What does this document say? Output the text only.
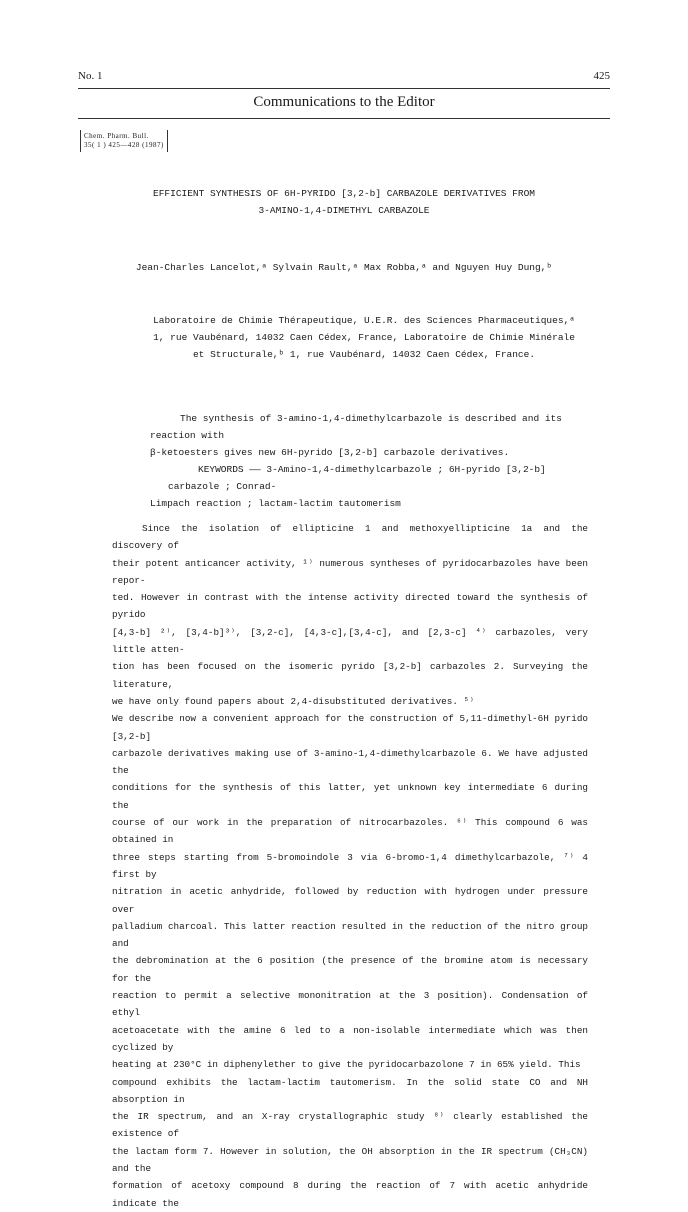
No. 1	425
Communications to the Editor
Chem. Pharm. Bull.
35( 1 ) 425—428 (1987)
EFFICIENT SYNTHESIS OF 6H-PYRIDO [3,2-b] CARBAZOLE DERIVATIVES FROM
3-AMINO-1,4-DIMETHYL CARBAZOLE
Jean-Charles Lancelot,ᵃ Sylvain Rault,ᵃ Max Robba,ᵃ and Nguyen Huy Dung,ᵇ
Laboratoire de Chimie Thérapeutique, U.E.R. des Sciences Pharmaceutiques,ᵃ
1, rue Vaubénard, 14032 Caen Cédex, France, Laboratoire de Chimie Minérale
et Structurale,ᵇ 1, rue Vaubénard, 14032 Caen Cédex, France.

The synthesis of 3-amino-1,4-dimethylcarbazole is described and its reaction with

β-ketoesters gives new 6H-pyrido [3,2-b] carbazole derivatives.

KEYWORDS —— 3-Amino-1,4-dimethylcarbazole ; 6H-pyrido [3,2-b] carbazole ; Conrad-

Limpach reaction ; lactam-lactim tautomerism

Since the isolation of ellipticine 1 and methoxyellipticine 1a and the discovery of

their potent anticancer activity, ¹⁾ numerous syntheses of pyridocarbazoles have been repor-

ted. However in contrast with the intense activity directed toward the synthesis of pyrido

[4,3-b] ²⁾, [3,4-b]³⁾, [3,2-c], [4,3-c],[3,4-c], and [2,3-c] ⁴⁾ carbazoles, very little atten-

tion has been focused on the isomeric pyrido [3,2-b] carbazoles 2. Surveying the literature,

we have only found papers about 2,4-disubstituted derivatives. ⁵⁾

We describe now a convenient approach for the construction of 5,11-dimethyl-6H pyrido [3,2-b]

carbazole derivatives making use of 3-amino-1,4-dimethylcarbazole 6. We have adjusted the

conditions for the synthesis of this latter, yet unknown key intermediate 6 during the

course of our work in the preparation of nitrocarbazoles. ⁶⁾ This compound 6 was obtained in

three steps starting from 5-bromoindole 3 via 6-bromo-1,4 dimethylcarbazole, ⁷⁾ 4 first by

nitration in acetic anhydride, followed by reduction with hydrogen under pressure over

palladium charcoal. This latter reaction resulted in the reduction of the nitro group and

the debromination at the 6 position (the presence of the bromine atom is necessary for the

reaction to permit a selective mononitration at the 3 position). Condensation of ethyl

acetoacetate with the amine 6 led to a non-isolable intermediate which was then cyclized by

heating at 230°C in diphenylether to give the pyridocarbazolone 7 in 65% yield. This

compound exhibits the lactam-lactim tautomerism. In the solid state CO and NH absorption in

the IR spectrum, and an X-ray crystallographic study ⁸⁾ clearly established the existence of

the lactam form 7. However in solution, the OH absorption in the IR spectrum (CH₃CN) and the

formation of acetoxy compound 8 during the reaction of 7 with acetic anhydride indicate the
